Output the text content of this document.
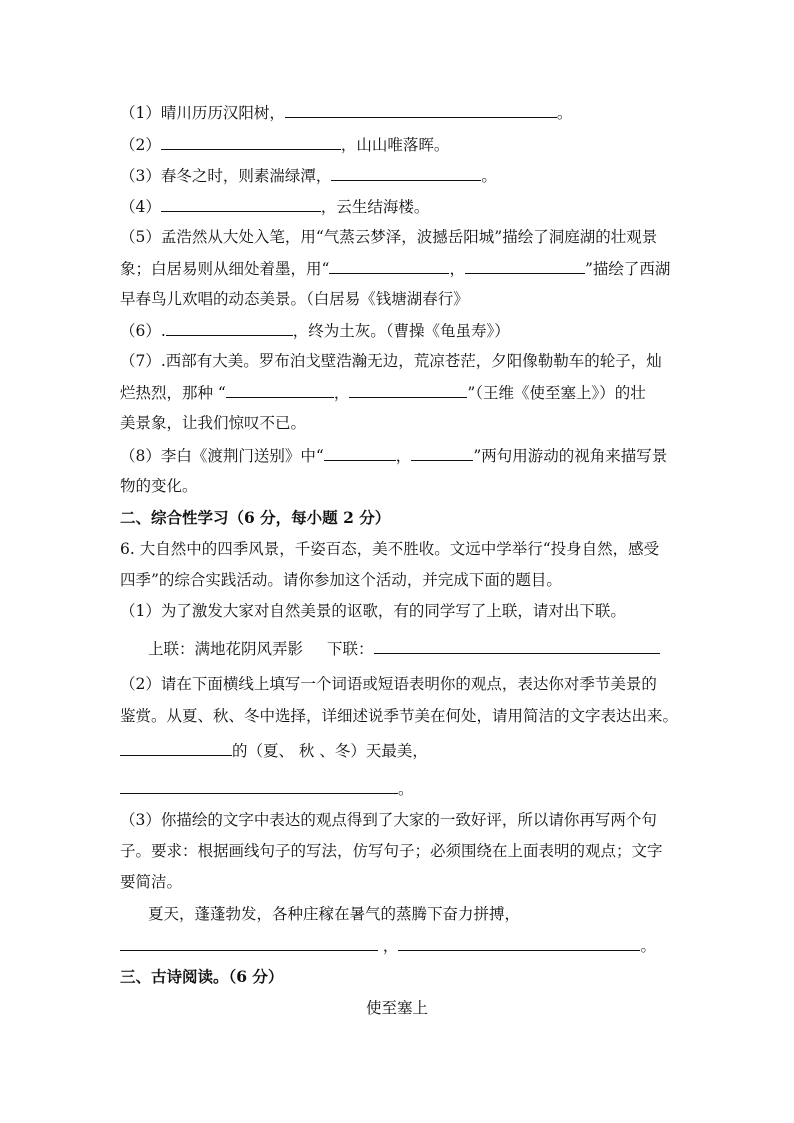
（1）晴川历历汉阳树，	。
（2）	，山山唯落晖。
（3）春冬之时，则素湍绿潭，	。
（4）	，云生结海楼。
（5）孟浩然从大处入笔，用“气蒸云梦泽，波撼岳阳城”描绘了洞庭湖的壮观景
象；白居易则从细处着墨，用“	，	”描绘了西湖
早春鸟儿欢唱的动态美景。（白居易《钱塘湖春行》
（6）.	，终为土灰。（曹操《龟虽寿》）
（7）.西部有大美。罗布泊戈壁浩瀚无边，荒凉苍茫，夕阳像勒勒车的轮子，灿
烂热烈，那种 “	，	”（王维《使至塞上》）的壮
美景象，让我们惊叹不已。
（8）李白《渡荆门送别》中“	，	”两句用游动的视角来描写景
物的变化。
二、综合性学习（6 分，每小题 2 分）
6. 大自然中的四季风景，千姿百态，美不胜收。文远中学举行“投身自然，感受
四季”的综合实践活动。请你参加这个活动，并完成下面的题目。
（1）为了激发大家对自然美景的讴歌，有的同学写了上联，请对出下联。
上联：满地花阴风弄影 下联：
（2）请在下面横线上填写一个词语或短语表明你的观点，表达你对季节美景的
鉴赏。从夏、秋、冬中选择，详细述说季节美在何处，请用简洁的文字表达出来。
的（夏、 秋 、冬）天最美，
。
（3）你描绘的文字中表达的观点得到了大家的一致好评，所以请你再写两个句
子。要求：根据画线句子的写法，仿写句子；必须围绕在上面表明的观点；文字
要简洁。
夏天，蓬蓬勃发，各种庄稼在暑气的蒸腾下奋力拼搏，
，	。
三、古诗阅读。（6 分）
使至塞上
